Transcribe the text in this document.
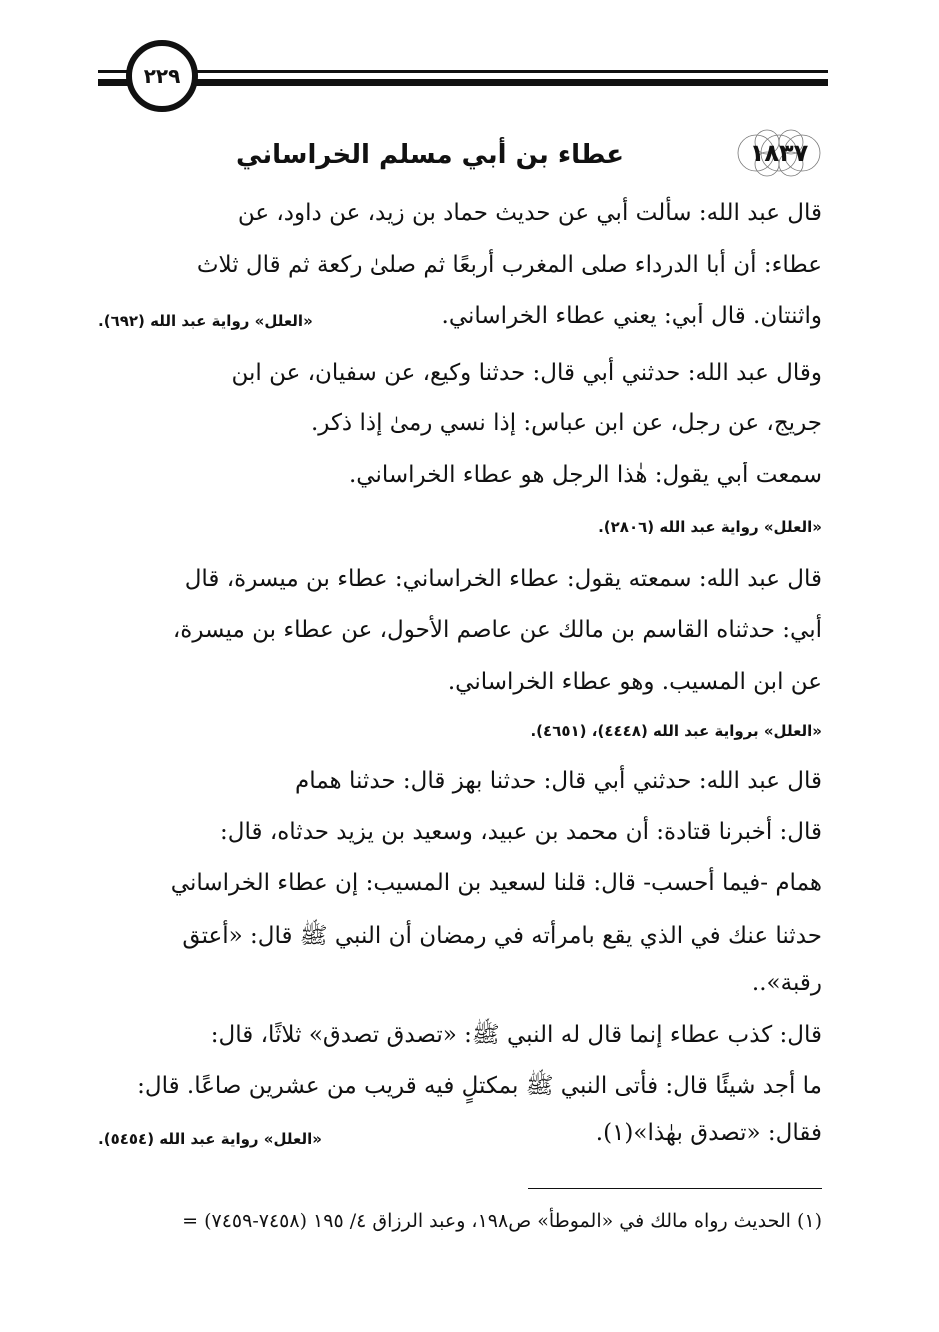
٢٢٩
١٨٣٧
عطاء بن أبي مسلم الخراساني
قال عبد الله: سألت أبي عن حديث حماد بن زيد، عن داود، عن
عطاء: أن أبا الدرداء صلى المغرب أربعًا ثم صلىٰ ركعة ثم قال ثلاث
واثنتان. قال أبي: يعني عطاء الخراساني.
«العلل» رواية عبد الله (٦٩٢).
وقال عبد الله: حدثني أبي قال: حدثنا وكيع، عن سفيان، عن ابن
جريج، عن رجل، عن ابن عباس: إذا نسي رمىٰ إذا ذكر.
سمعت أبي يقول: هٰذا الرجل هو عطاء الخراساني.
«العلل» رواية عبد الله (٢٨٠٦).
قال عبد الله: سمعته يقول: عطاء الخراساني: عطاء بن ميسرة، قال
أبي: حدثناه القاسم بن مالك عن عاصم الأحول، عن عطاء بن ميسرة،
عن ابن المسيب. وهو عطاء الخراساني.
«العلل» برواية عبد الله (٤٤٤٨)، (٤٦٥١).
قال عبد الله: حدثني أبي قال: حدثنا بهز قال: حدثنا همام
قال: أخبرنا قتادة: أن محمد بن عبيد، وسعيد بن يزيد حدثاه، قال:
همام -فيما أحسب- قال: قلنا لسعيد بن المسيب: إن عطاء الخراساني
حدثنا عنك في الذي يقع بامرأته في رمضان أن النبي ﷺ قال: «أعتق
رقبة»..
قال: كذب عطاء إنما قال له النبي ﷺ: «تصدق تصدق» ثلاثًا، قال:
ما أجد شيئًا قال: فأتى النبي ﷺ بمكتلٍ فيه قريب من عشرين صاعًا. قال:
فقال: «تصدق بهٰذا»(١).
«العلل» رواية عبد الله (٥٤٥٤).
(١) الحديث رواه مالك في «الموطأ» ص١٩٨، وعبد الرزاق ٤/ ١٩٥ (٧٤٥٨-٧٤٥٩) =
